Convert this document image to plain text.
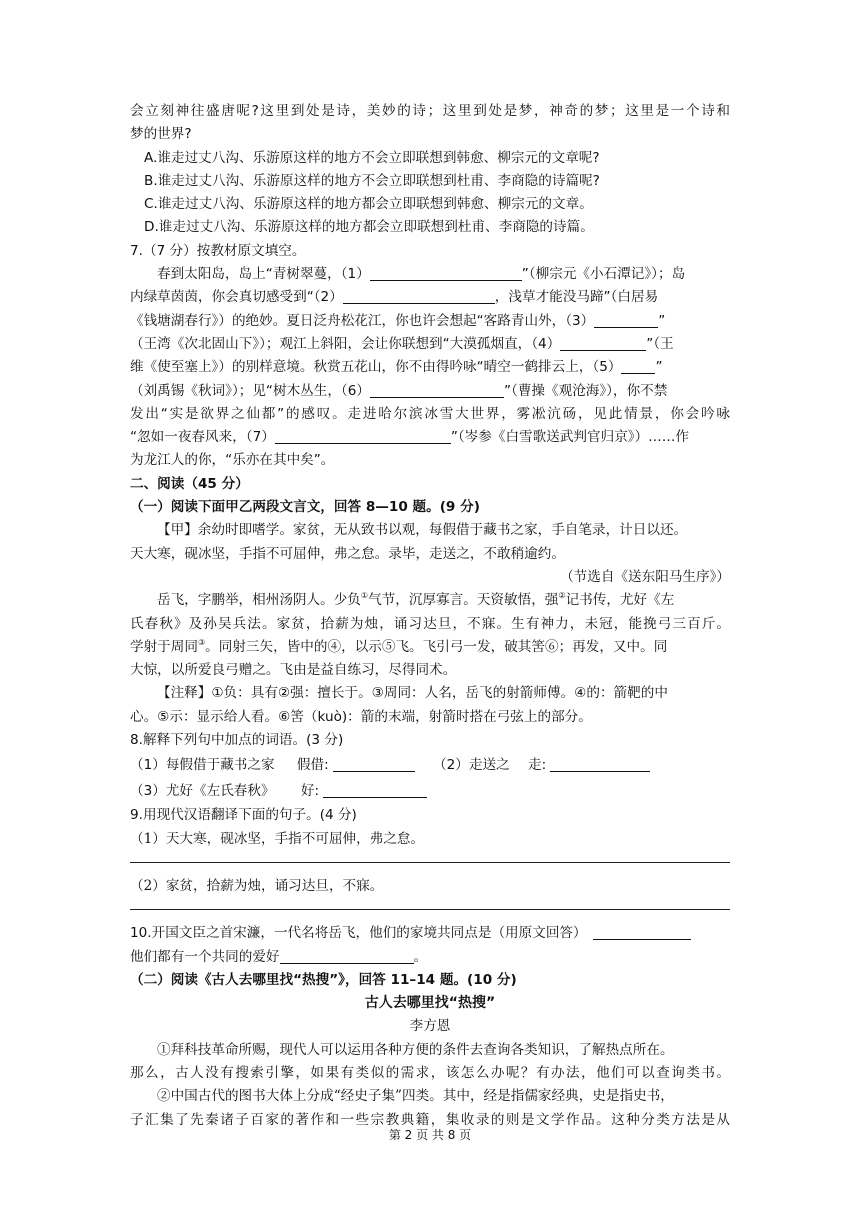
会立刻神往盛唐呢?这里到处是诗，美妙的诗；这里到处是梦，神奇的梦；这里是一个诗和
梦的世界?
A.谁走过丈八沟、乐游原这样的地方不会立即联想到韩愈、柳宗元的文章呢?
B.谁走过丈八沟、乐游原这样的地方不会立即联想到杜甫、李商隐的诗篇呢?
C.谁走过丈八沟、乐游原这样的地方都会立即联想到韩愈、柳宗元的文章。
D.谁走过丈八沟、乐游原这样的地方都会立即联想到杜甫、李商隐的诗篇。
7.（7 分）按教材原文填空。
春到太阳岛，岛上“青树翠蔓，（1）	”（柳宗元《小石潭记》）；岛
内绿草茵茵，你会真切感受到“（2）	，浅草才能没马蹄”（白居易
《钱塘湖春行》）的绝妙。夏日泛舟松花江，你也许会想起“客路青山外，（3）	”
（王湾《次北固山下》）；观江上斜阳，会让你联想到“大漠孤烟直，（4）	”（王
维《使至塞上》）的别样意境。秋赏五花山，你不由得吟咏“晴空一鹤排云上，（5）	”
（刘禹锡《秋词》）；见“树木丛生，（6）	”（曹操《观沧海》），你不禁
发出“实是欲界之仙都”的感叹。走进哈尔滨冰雪大世界，雾凇沆砀，见此情景，你会吟咏
“忽如一夜春风来，（7）	”（岑参《白雪歌送武判官归京》）……作
为龙江人的你，“乐亦在其中矣”。
二、阅读（45 分）
（一）阅读下面甲乙两段文言文，回答 8—10 题。(9 分)
【甲】余幼时即嗜学。家贫，无从致书以观，每假借于藏书之家，手自笔录，计日以还。
天大寒，砚冰坚，手指不可屈伸，弗之怠。录毕，走送之，不敢稍逾约。
（节选自《送东阳马生序》）
岳飞，字鹏举，相州汤阴人。少负①气节，沉厚寡言。天资敏悟，强②记书传，尤好《左
氏春秋》及孙吴兵法。家贫，拾薪为烛，诵习达旦，不寐。生有神力，未冠，能挽弓三百斤。
学射于周同③。同射三矢，皆中的④，以示⑤飞。飞引弓一发，破其筈⑥；再发，又中。同
大惊，以所爱良弓赠之。飞由是益自练习，尽得同术。
【注释】①负：具有②强：擅长于。③周同：人名，岳飞的射箭师傅。④的：箭靶的中
心。⑤示：显示给人看。⑥筈（kuò)：箭的末端，射箭时搭在弓弦上的部分。
8.解释下列句中加点的词语。(3 分)
（1）每假借于藏书之家 假借:	（2）走送之 走:
（3）尤好《左氏春秋》 好:
9.用现代汉语翻译下面的句子。(4 分)
（1）天大寒，砚冰坚，手指不可屈伸，弗之怠。
（2）家贫，拾薪为烛，诵习达旦，不寐。
10.开国文臣之首宋濂，一代名将岳飞，他们的家境共同点是（用原文回答）
他们都有一个共同的爱好	。
（二）阅读《古人去哪里找“热搜”》，回答 11–14 题。(10 分)
古人去哪里找“热搜”
李方恩
①拜科技革命所赐，现代人可以运用各种方便的条件去查询各类知识，了解热点所在。
那么，古人没有搜索引擎，如果有类似的需求，该怎么办呢？有办法，他们可以查询类书。
②中国古代的图书大体上分成“经史子集”四类。其中，经是指儒家经典，史是指史书，
子汇集了先秦诸子百家的著作和一些宗教典籍，集收录的则是文学作品。这种分类方法是从
第 2 页 共 8 页
